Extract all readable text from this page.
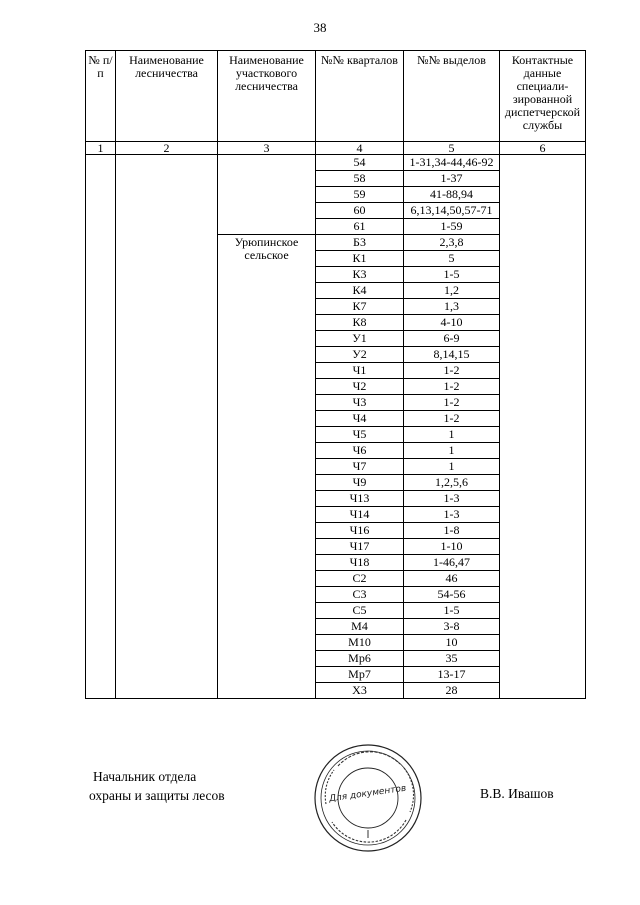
38
№ п/п	Наименование лесничества	Наименование участкового лесничества	№№ кварталов	№№ выделов	Контактные данные специали-зированной диспетчерской службы
1	2	3	4	5	6
			54	1-31,34-44,46-92	
			58	1-37	
			59	41-88,94	
			60	6,13,14,50,57-71	
			61	1-59	
		Урюпинское сельское	Б3	2,3,8	
			К1	5	
			К3	1-5	
			К4	1,2	
			К7	1,3	
			К8	4-10	
			У1	6-9	
			У2	8,14,15	
			Ч1	1-2	
			Ч2	1-2	
			Ч3	1-2	
			Ч4	1-2	
			Ч5	1	
			Ч6	1	
			Ч7	1	
			Ч9	1,2,5,6	
			Ч13	1-3	
			Ч14	1-3	
			Ч16	1-8	
			Ч17	1-10	
			Ч18	1-46,47	
			С2	46	
			С3	54-56	
			С5	1-5	
			М4	3-8	
			М10	10	
			Мр6	35	
			Мр7	13-17	
			Х3	28	
Начальник отдела
охраны и защиты лесов	Для документов	В.В. Ивашов
